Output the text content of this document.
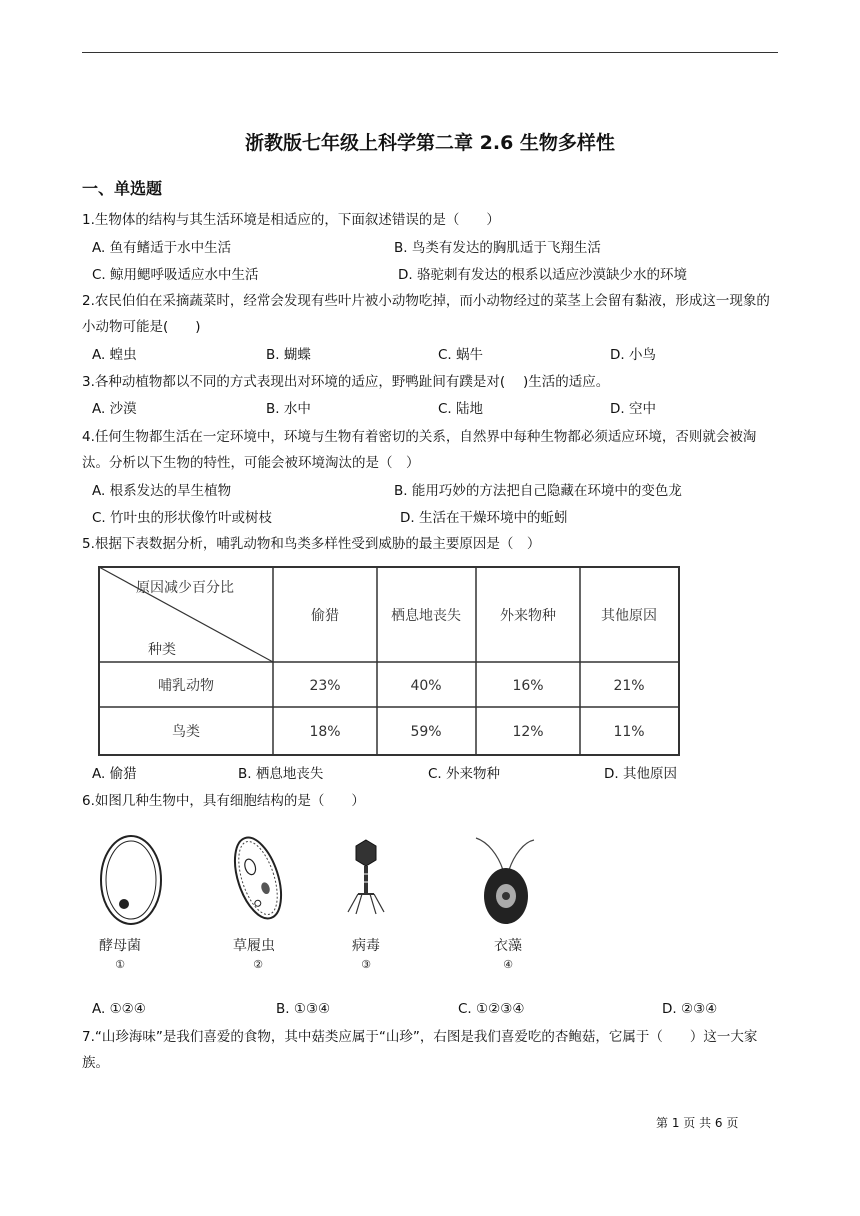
浙教版七年级上科学第二章 2.6 生物多样性
一、单选题
1.生物体的结构与其生活环境是相适应的，下面叙述错误的是（　　）
A. 鱼有鳍适于水中生活	B. 鸟类有发达的胸肌适于飞翔生活
C. 鲸用鳃呼吸适应水中生活	D. 骆驼刺有发达的根系以适应沙漠缺少水的环境
2.农民伯伯在采摘蔬菜时，经常会发现有些叶片被小动物吃掉，而小动物经过的菜茎上会留有黏液，形成这一现象的小动物可能是(　　)
A. 蝗虫	B. 蝴蝶	C. 蜗牛	D. 小鸟
3.各种动植物都以不同的方式表现出对环境的适应，野鸭趾间有蹼是对(　 )生活的适应。
A. 沙漠	B. 水中	C. 陆地	D. 空中
4.任何生物都生活在一定环境中，环境与生物有着密切的关系，自然界中每种生物都必须适应环境，否则就会被淘汰。分析以下生物的特性，可能会被环境淘汰的是（　）
A. 根系发达的旱生植物	B. 能用巧妙的方法把自己隐藏在环境中的变色龙
C. 竹叶虫的形状像竹叶或树枝	D. 生活在干燥环境中的蚯蚓
5.根据下表数据分析，哺乳动物和鸟类多样性受到威胁的最主要原因是（　）
原因减少百分比
种类
偷猎	栖息地丧失	外来物种	其他原因
哺乳动物	23%	40%	16%	21%
鸟类	18%	59%	12%	11%
A. 偷猎	B. 栖息地丧失	C. 外来物种	D. 其他原因
6.如图几种生物中，具有细胞结构的是（　　）
酵母菌
①
草履虫
②
病毒
③
衣藻
④
A. ①②④	B. ①③④	C. ①②③④	D. ②③④
7.“山珍海味”是我们喜爱的食物，其中菇类应属于“山珍”，右图是我们喜爱吃的杏鲍菇，它属于（　　）这一大家族。
第 1 页 共 6 页
